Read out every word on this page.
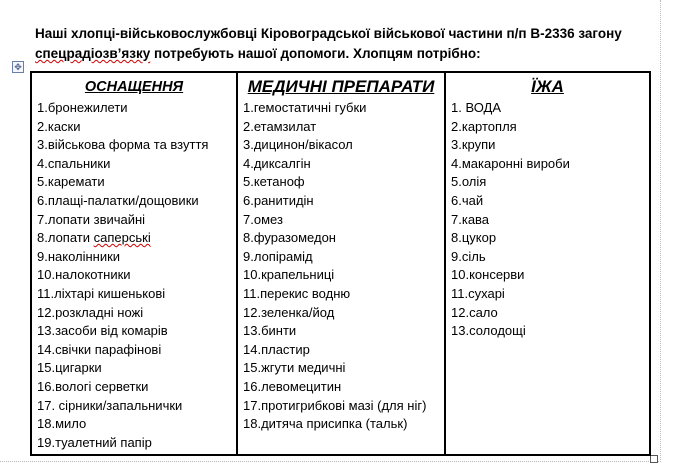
Наші хлопці-військовослужбовці Кіровоградської військової частини п/п В-2336 загону
спецрадіозв’язку потребують нашої допомоги. Хлопцям потрібно:
✥
ОСНАЩЕННЯ
1.бронежилети
2.каски
3.військова форма та взуття
4.спальники
5.каремати
6.плащі-палатки/дощовики
7.лопати звичайні
8.лопати саперські
9.наколінники
10.налокотники
11.ліхтарі кишенькові
12.розкладні ножі
13.засоби від комарів
14.свічки парафінові
15.цигарки
16.вологі серветки
17. сірники/запальнички
18.мило
19.туалетний папір

МЕДИЧНІ ПРЕПАРАТИ
1.гемостатичні губки
2.етамзилат
3.дицинон/вікасол
4.диксалгін
5.кетаноф
6.ранитидін
7.омез
8.фуразомедон
9.лопірамід
10.крапельниці
11.перекис водню
12.зеленка/йод
13.бинти
14.пластир
15.жгути медичні
16.левомецитин
17.протигрибкові мазі (для ніг)
18.дитяча присипка (тальк)

ЇЖА
1. ВОДА
2.картопля
3.крупи
4.макаронні вироби
5.олія
6.чай
7.кава
8.цукор
9.сіль
10.консерви
11.сухарі
12.сало
13.солодощі
